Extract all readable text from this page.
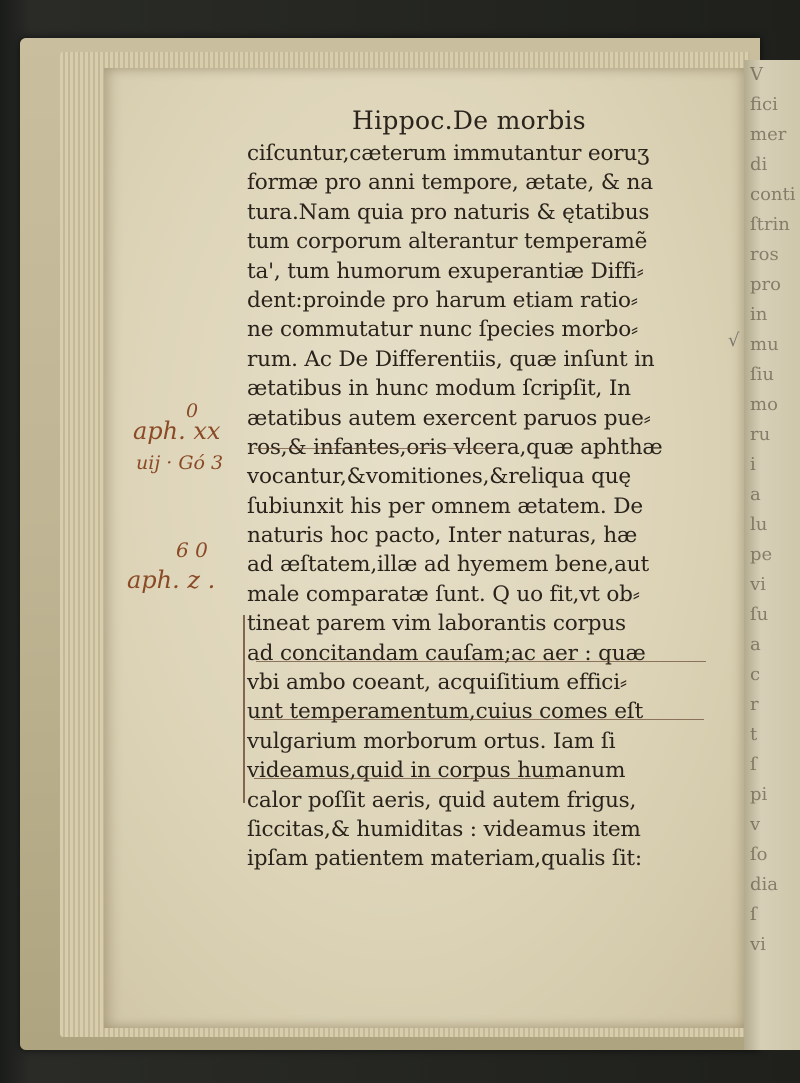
V
fici
mer
di
conti
ſtrin
ros
pro
in
mu
ſiu
mo
ru
i
a
lu
pe
vi
ſu
a
c
r
t
ſ
pi
v
ſo
dia
ſ
vi
Hippoc.De morbis
ciſcuntur,cæterum immutantur eoruʒ
formæ pro anni tempore, ætate, & na
tura.Nam quia pro naturis & ętatibus
tum corporum alterantur temperamẽ
ta', tum humorum exuperantiæ Diffi⸗
dent:proinde pro harum etiam ratio⸗
ne commutatur nunc ſpecies morbo⸗
rum. Ac De Differentiis, quæ inſunt in
ætatibus in hunc modum ſcripſit, In
ætatibus autem exercent paruos pue⸗
ros,& infantes,oris vlcera,quæ aphthæ
vocantur,&vomitiones,&reliqua quę
ſubiunxit his per omnem ætatem. De
naturis hoc pacto, Inter naturas, hæ
ad æſtatem,illæ ad hyemem bene,aut
male comparatæ ſunt. Q uo fit,vt ob⸗
tineat parem vim laborantis corpus
ad concitandam cauſam;ac aer : quæ
vbi ambo coeant, acquiſitium effici⸗
unt temperamentum,cuius comes eſt
vulgarium morborum ortus. Iam ſi
videamus,quid in corpus humanum
calor poſſit aeris, quid autem frigus,
ſiccitas,& humiditas : videamus item
ipſam patientem materiam,qualis ſit:
aph. xx
uij · Gó 3
0
aph. z .
6 0
√
